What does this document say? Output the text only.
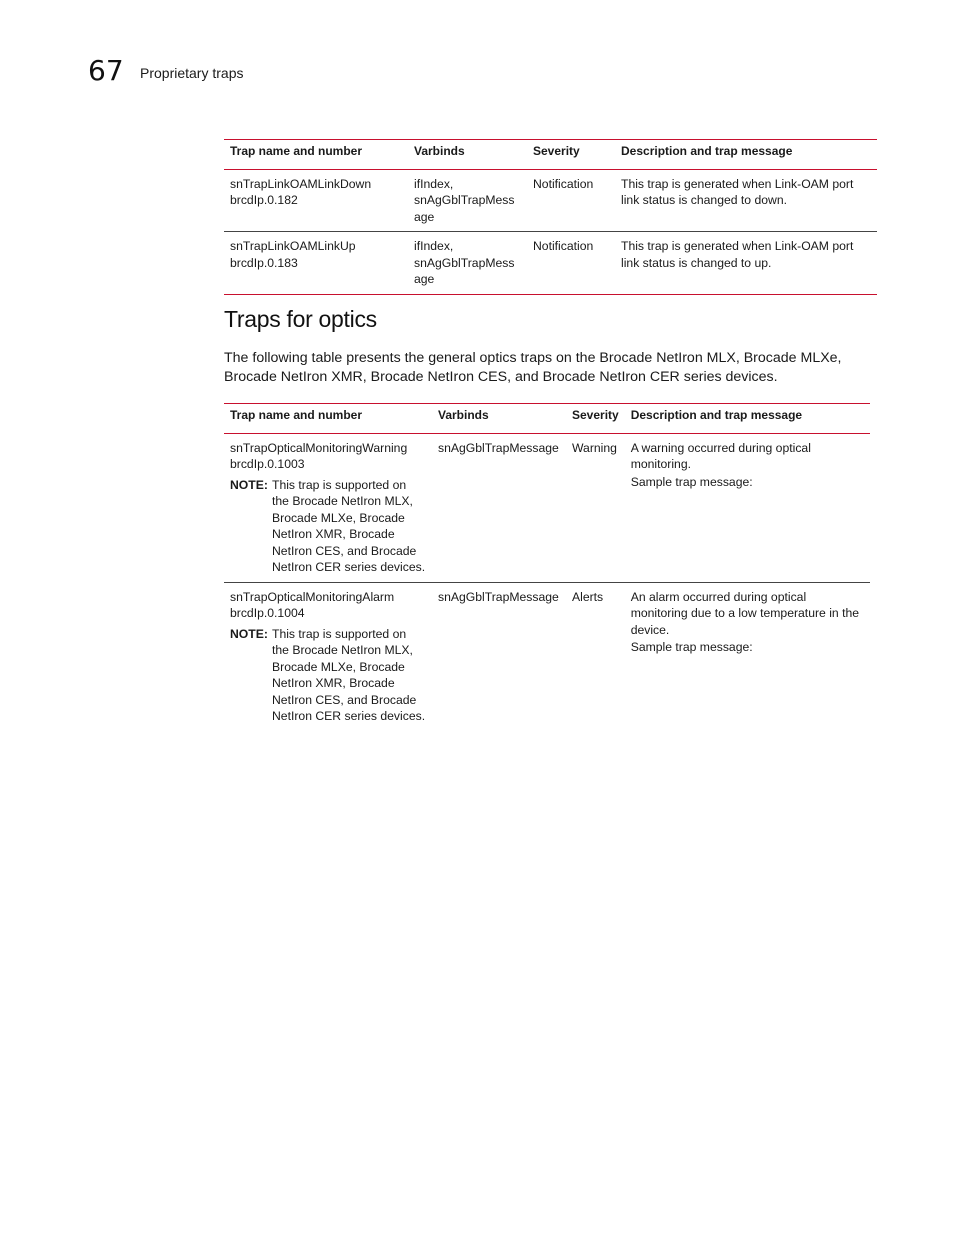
67 Proprietary traps
Trap name and number	Varbinds	Severity	Description and trap message

snTrapLinkOAMLinkDown
brcdIp.0.182	ifIndex, snAgGblTrapMess age	Notification	This trap is generated when Link-OAM port link status is changed to down.

snTrapLinkOAMLinkUp
brcdIp.0.183	ifIndex, snAgGblTrapMess age	Notification	This trap is generated when Link-OAM port link status is changed to up.
Traps for optics

The following table presents the general optics traps on the Brocade NetIron MLX, Brocade MLXe, Brocade NetIron XMR, Brocade NetIron CES, and Brocade NetIron CER series devices.

Trap name and number	Varbinds	Severity	Description and trap message

snTrapOpticalMonitoringWarning
brcdIp.0.1003
NOTE: This trap is supported on the Brocade NetIron MLX, Brocade MLXe, Brocade NetIron XMR, Brocade NetIron CES, and Brocade NetIron CER series devices.	snAgGblTrapMessage	Warning	A warning occurred during optical monitoring.
Sample trap message:

snTrapOpticalMonitoringAlarm
brcdIp.0.1004
NOTE: This trap is supported on the Brocade NetIron MLX, Brocade MLXe, Brocade NetIron XMR, Brocade NetIron CES, and Brocade NetIron CER series devices.	snAgGblTrapMessage	Alerts	An alarm occurred during optical monitoring due to a low temperature in the device.
Sample trap message:
